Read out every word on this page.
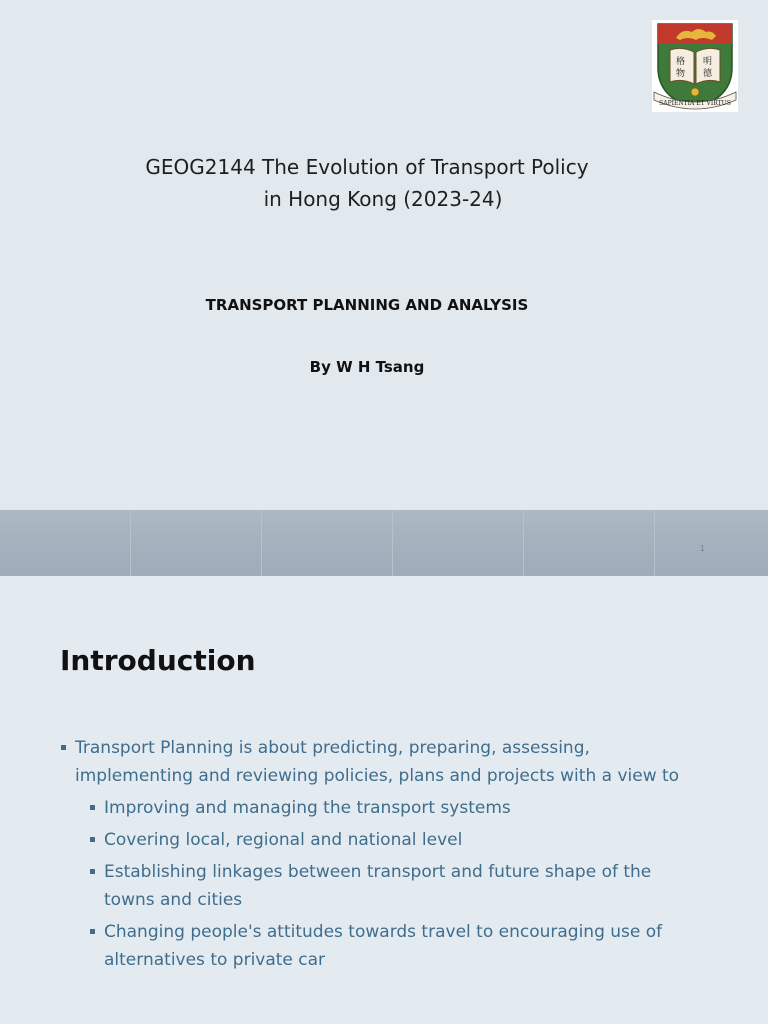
格
物
明
德
SAPIENTIA ET VIRTUS
GEOG2144 The Evolution of Transport Policy
in Hong Kong (2023-24)
TRANSPORT PLANNING AND ANALYSIS
By W H Tsang
1
Introduction
Transport Planning is about predicting, preparing, assessing, implementing and reviewing policies, plans and projects with a view to
Improving and managing the transport systems
Covering local, regional and national level
Establishing linkages between transport and future shape of the towns and cities
Changing people's attitudes towards travel to encouraging use of alternatives to private car
